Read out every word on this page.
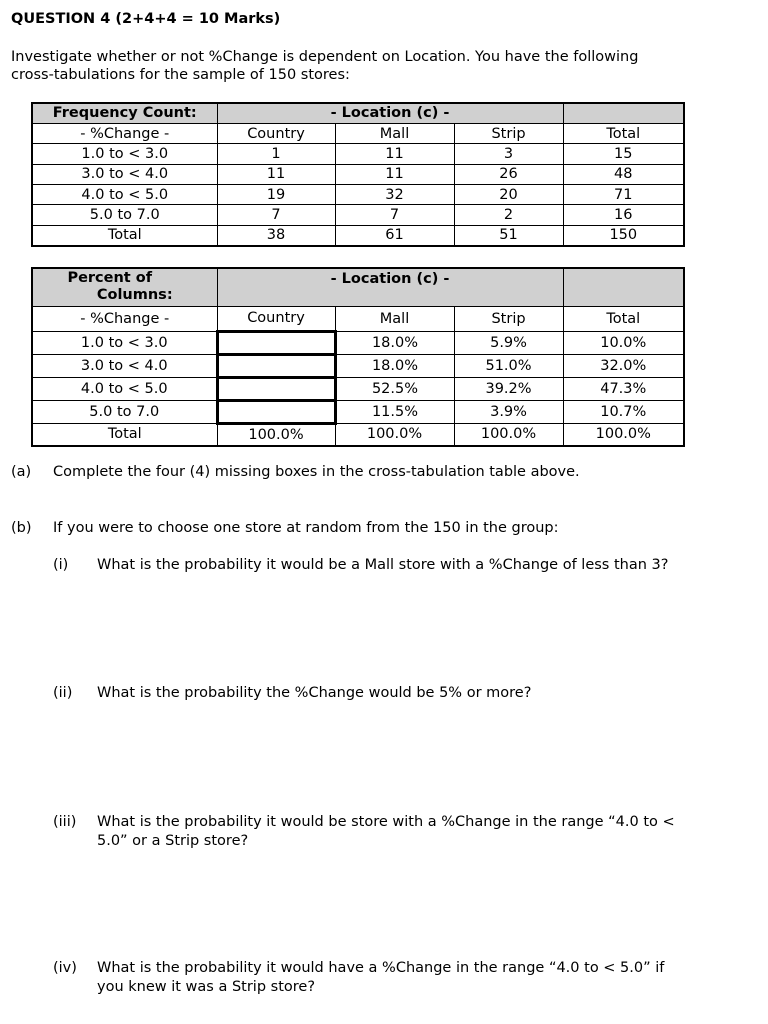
QUESTION 4 (2+4+4 = 10 Marks)
Investigate whether or not %Change is dependent on Location. You have the following
cross-tabulations for the sample of 150 stores:
Frequency Count:	- Location (c) -			
- %Change -	Country	Mall	Strip	Total
1.0 to < 3.0	1	11	3	15
3.0 to < 4.0	11	11	26	48
4.0 to < 5.0	19	32	20	71
5.0 to 7.0	7	7	2	16
Total	38	61	51	150
Percent of
Columns:	- Location (c) -			
- %Change -	Country	Mall	Strip	Total
1.0 to < 3.0		18.0%	5.9%	10.0%
3.0 to < 4.0		18.0%	51.0%	32.0%
4.0 to < 5.0		52.5%	39.2%	47.3%
5.0 to 7.0		11.5%	3.9%	10.7%
Total	100.0%	100.0%	100.0%	100.0%
(a) Complete the four (4) missing boxes in the cross-tabulation table above.
(b) If you were to choose one store at random from the 150 in the group:
(i) What is the probability it would be a Mall store with a %Change of less than 3?
(ii) What is the probability the %Change would be 5% or more?
(iii) What is the probability it would be store with a %Change in the range “4.0 to <
5.0” or a Strip store?
(iv) What is the probability it would have a %Change in the range “4.0 to < 5.0” if
you knew it was a Strip store?
